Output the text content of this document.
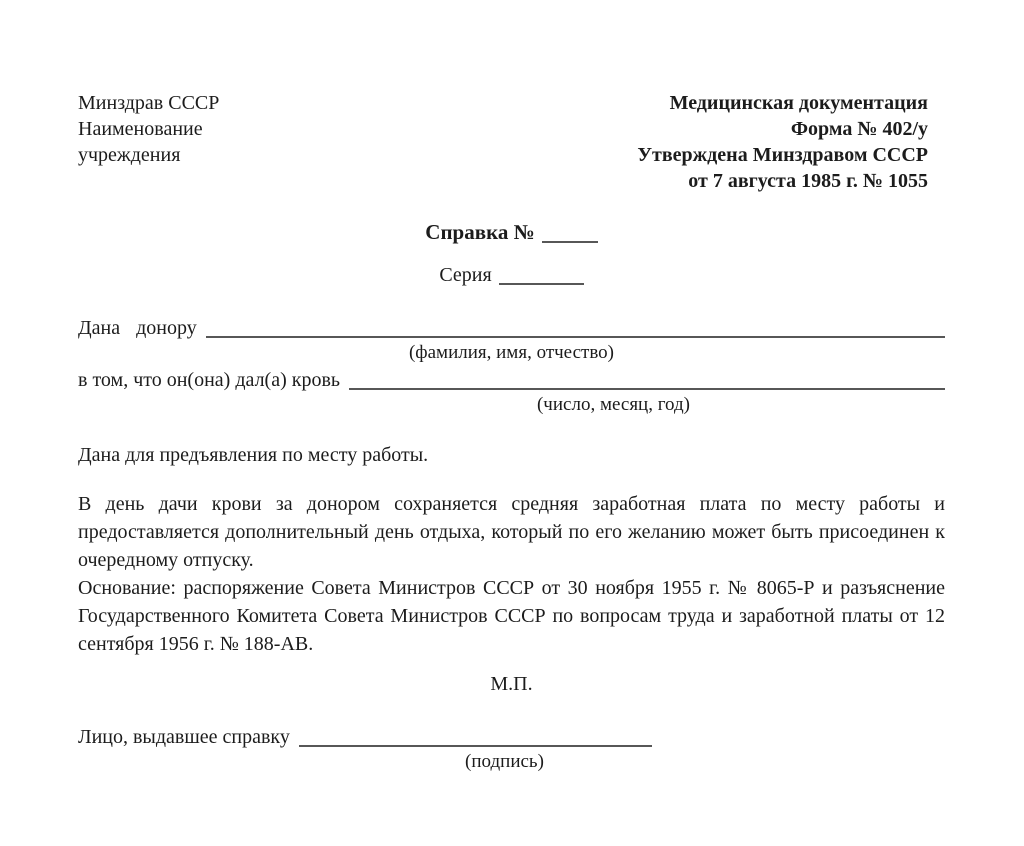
Минздрав СССР
Наименование
учреждения
Медицинская документация
Форма № 402/у
Утверждена Минздравом СССР
от 7 августа 1985 г. № 1055
Справка №
Серия
Дана донору
(фамилия, имя, отчество)
в том, что он(она) дал(а) кровь
(число, месяц, год)
Дана для предъявления по месту работы.

В день дачи крови за донором сохраняется средняя заработная плата по месту работы и предоставляется дополнительный день отдыха, который по его желанию может быть присоединен к очередному отпуску.

Основание: распоряжение Совета Министров СССР от 30 ноября 1955 г. № 8065-Р и разъяснение Государственного Комитета Совета Министров СССР по вопросам труда и заработной платы от 12 сентября 1956 г. № 188-АВ.

М.П.
Лицо, выдавшее справку
(подпись)
